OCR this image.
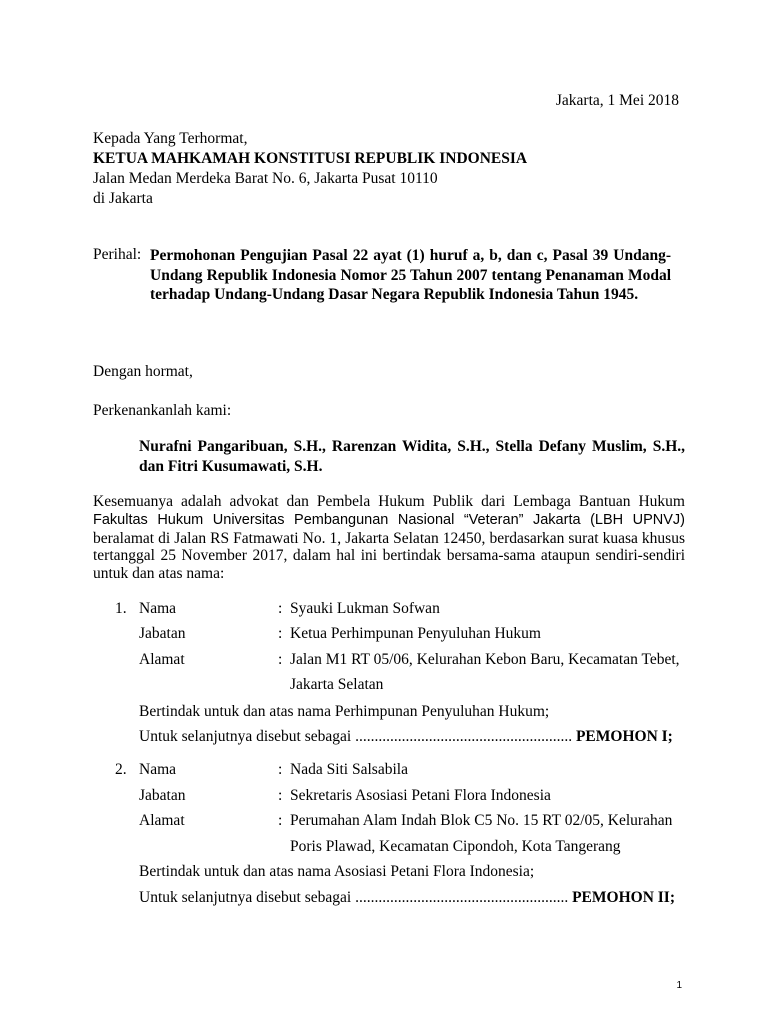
Jakarta, 1 Mei 2018
Kepada Yang Terhormat,
KETUA MAHKAMAH KONSTITUSI REPUBLIK INDONESIA
Jalan Medan Merdeka Barat No. 6, Jakarta Pusat 10110
di Jakarta
Perihal: Permohonan Pengujian Pasal 22 ayat (1) huruf a, b, dan c, Pasal 39 Undang-Undang Republik Indonesia Nomor 25 Tahun 2007 tentang Penanaman Modal terhadap Undang-Undang Dasar Negara Republik Indonesia Tahun 1945.
Dengan hormat,
Perkenankanlah kami:
Nurafni Pangaribuan, S.H., Rarenzan Widita, S.H., Stella Defany Muslim, S.H., dan Fitri Kusumawati, S.H.
Kesemuanya adalah advokat dan Pembela Hukum Publik dari Lembaga Bantuan Hukum Fakultas Hukum Universitas Pembangunan Nasional “Veteran” Jakarta (LBH UPNVJ) beralamat di Jalan RS Fatmawati No. 1, Jakarta Selatan 12450, berdasarkan surat kuasa khusus tertanggal 25 November 2017, dalam hal ini bertindak bersama-sama ataupun sendiri-sendiri untuk dan atas nama:
1. Nama	: Syauki Lukman Sofwan
Jabatan	: Ketua Perhimpunan Penyuluhan Hukum
Alamat	: Jalan M1 RT 05/06, Kelurahan Kebon Baru, Kecamatan Tebet,
Jakarta Selatan
Bertindak untuk dan atas nama Perhimpunan Penyuluhan Hukum;
Untuk selanjutnya disebut sebagai ........................................................ PEMOHON I;
2. Nama	: Nada Siti Salsabila
Jabatan	: Sekretaris Asosiasi Petani Flora Indonesia
Alamat	: Perumahan Alam Indah Blok C5 No. 15 RT 02/05, Kelurahan
Poris Plawad, Kecamatan Cipondoh, Kota Tangerang
Bertindak untuk dan atas nama Asosiasi Petani Flora Indonesia;
Untuk selanjutnya disebut sebagai ....................................................... PEMOHON II;
1
